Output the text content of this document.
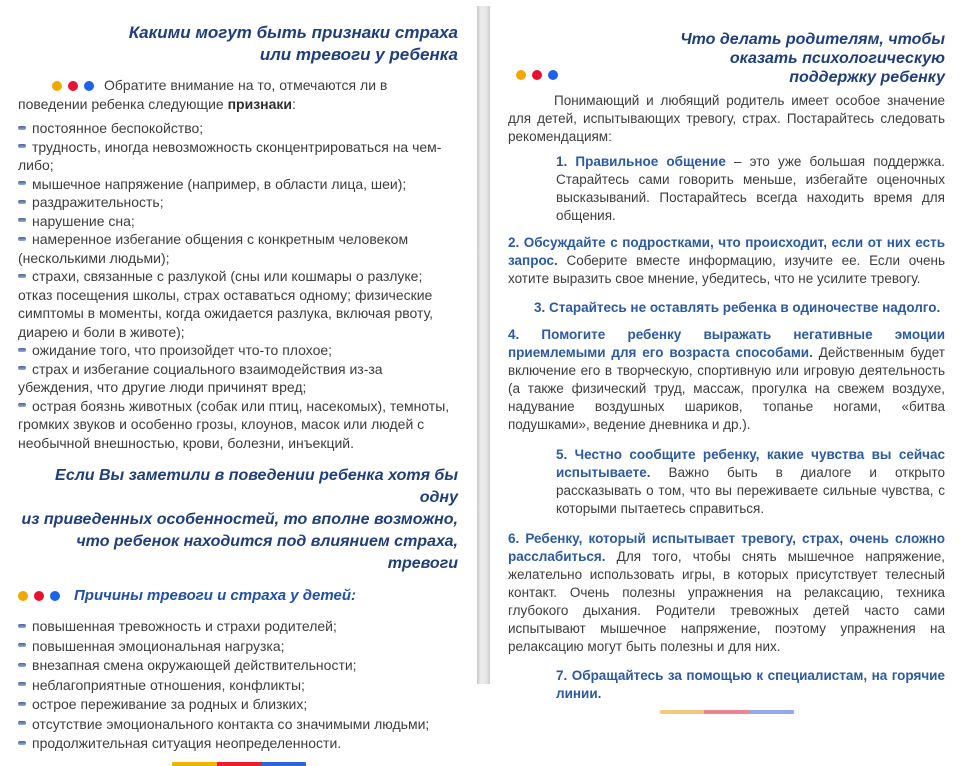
Какими могут быть признаки страха
или тревоги у ребенка

Обратите внимание на то, отмечаются ли в поведении ребенка следующие признаки:

постоянное беспокойство;
трудность, иногда невозможность сконцентрироваться на чем-либо;
мышечное напряжение (например, в области лица, шеи);
раздражительность;
нарушение сна;
намеренное избегание общения с конкретным человеком (несколькими людьми);
страхи, связанные с разлукой (сны или кошмары о разлуке; отказ посещения школы, страх оставаться одному; физические симптомы в моменты, когда ожидается разлука, включая рвоту, диарею и боли в животе);
ожидание того, что произойдет что-то плохое;
страх и избегание социального взаимодействия из-за убеждения, что другие люди причинят вред;
острая боязнь животных (собак или птиц, насекомых), темноты, громких звуков и особенно грозы, клоунов, масок или людей с необычной внешностью, крови, болезни, инъекций.
Если Вы заметили в поведении ребенка хотя бы одну
из приведенных особенностей, то вполне возможно,
что ребенок находится под влиянием страха, тревоги
Причины тревоги и страха у детей:
повышенная тревожность и страхи родителей;
повышенная эмоциональная нагрузка;
внезапная смена окружающей действительности;
неблагоприятные отношения, конфликты;
острое переживание за родных и близких;
отсутствие эмоционального контакта со значимыми людьми;
продолжительная ситуация неопределенности.
Что делать родителям, чтобы
оказать психологическую
поддержку ребенку

Понимающий и любящий родитель имеет особое значение для детей, испытывающих тревогу, страх. Постарайтесь следовать рекомендациям:

1. Правильное общение – это уже большая поддержка. Старайтесь сами говорить меньше, избегайте оценочных высказываний. Постарайтесь всегда находить время для общения.
2. Обсуждайте с подростками, что происходит, если от них есть запрос. Соберите вместе информацию, изучите ее. Если очень хотите выразить свое мнение, убедитесь, что не усилите тревогу.
3. Старайтесь не оставлять ребенка в одиночестве надолго.
4. Помогите ребенку выражать негативные эмоции приемлемыми для его возраста способами. Действенным будет включение его в творческую, спортивную или игровую деятельность (а также физический труд, массаж, прогулка на свежем воздухе, надувание воздушных шариков, топанье ногами, «битва подушками», ведение дневника и др.).
5. Честно сообщите ребенку, какие чувства вы сейчас испытываете. Важно быть в диалоге и открыто рассказывать о том, что вы переживаете сильные чувства, с которыми пытаетесь справиться.
6. Ребенку, который испытывает тревогу, страх, очень сложно расслабиться. Для того, чтобы снять мышечное напряжение, желательно использовать игры, в которых присутствует телесный контакт. Очень полезны упражнения на релаксацию, техника глубокого дыхания. Родители тревожных детей часто сами испытывают мышечное напряжение, поэтому упражнения на релаксацию могут быть полезны и для них.
7. Обращайтесь за помощью к специалистам, на горячие линии.
